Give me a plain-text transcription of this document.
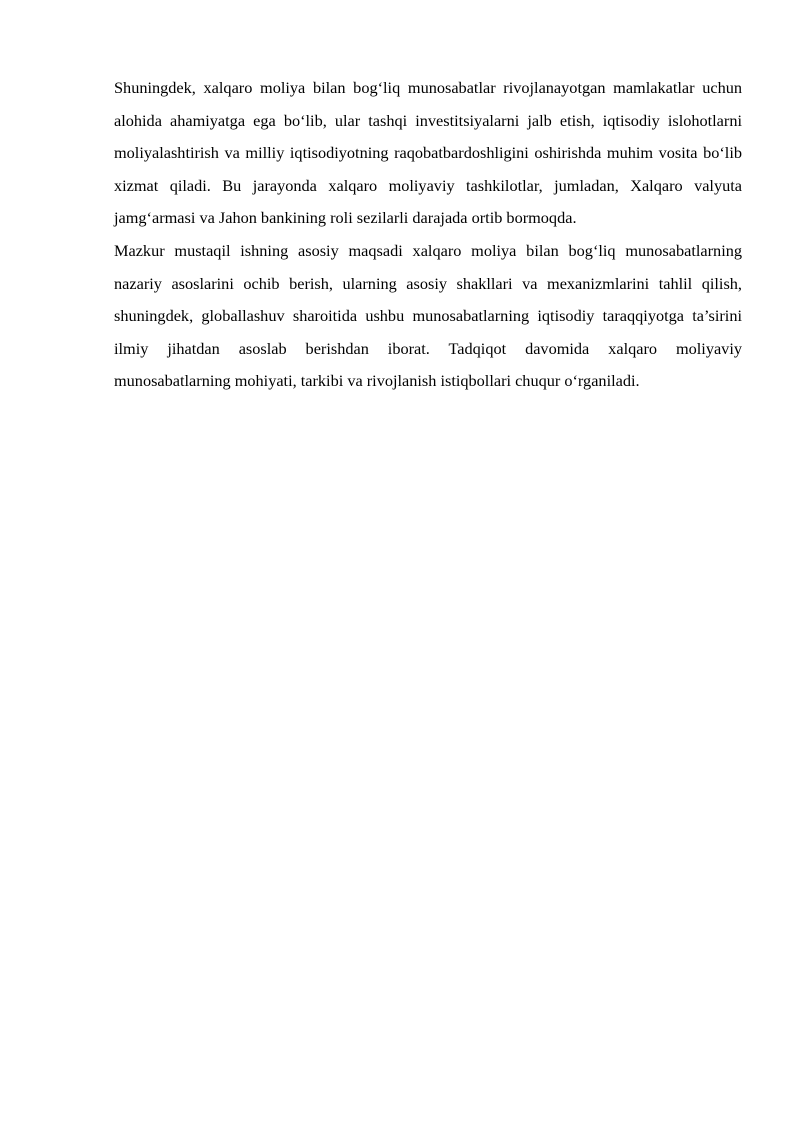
Shuningdek, xalqaro moliya bilan bog‘liq munosabatlar rivojlanayotgan mamlakatlar uchun alohida ahamiyatga ega bo‘lib, ular tashqi investitsiyalarni jalb etish, iqtisodiy islohotlarni moliyalashtirish va milliy iqtisodiyotning raqobatbardoshligini oshirishda muhim vosita bo‘lib xizmat qiladi. Bu jarayonda xalqaro moliyaviy tashkilotlar, jumladan, Xalqaro valyuta jamg‘armasi va Jahon bankining roli sezilarli darajada ortib bormoqda.

Mazkur mustaqil ishning asosiy maqsadi xalqaro moliya bilan bog‘liq munosabatlarning nazariy asoslarini ochib berish, ularning asosiy shakllari va mexanizmlarini tahlil qilish, shuningdek, globallashuv sharoitida ushbu munosabatlarning iqtisodiy taraqqiyotga ta’sirini ilmiy jihatdan asoslab berishdan iborat. Tadqiqot davomida xalqaro moliyaviy munosabatlarning mohiyati, tarkibi va rivojlanish istiqbollari chuqur o‘rganiladi.
